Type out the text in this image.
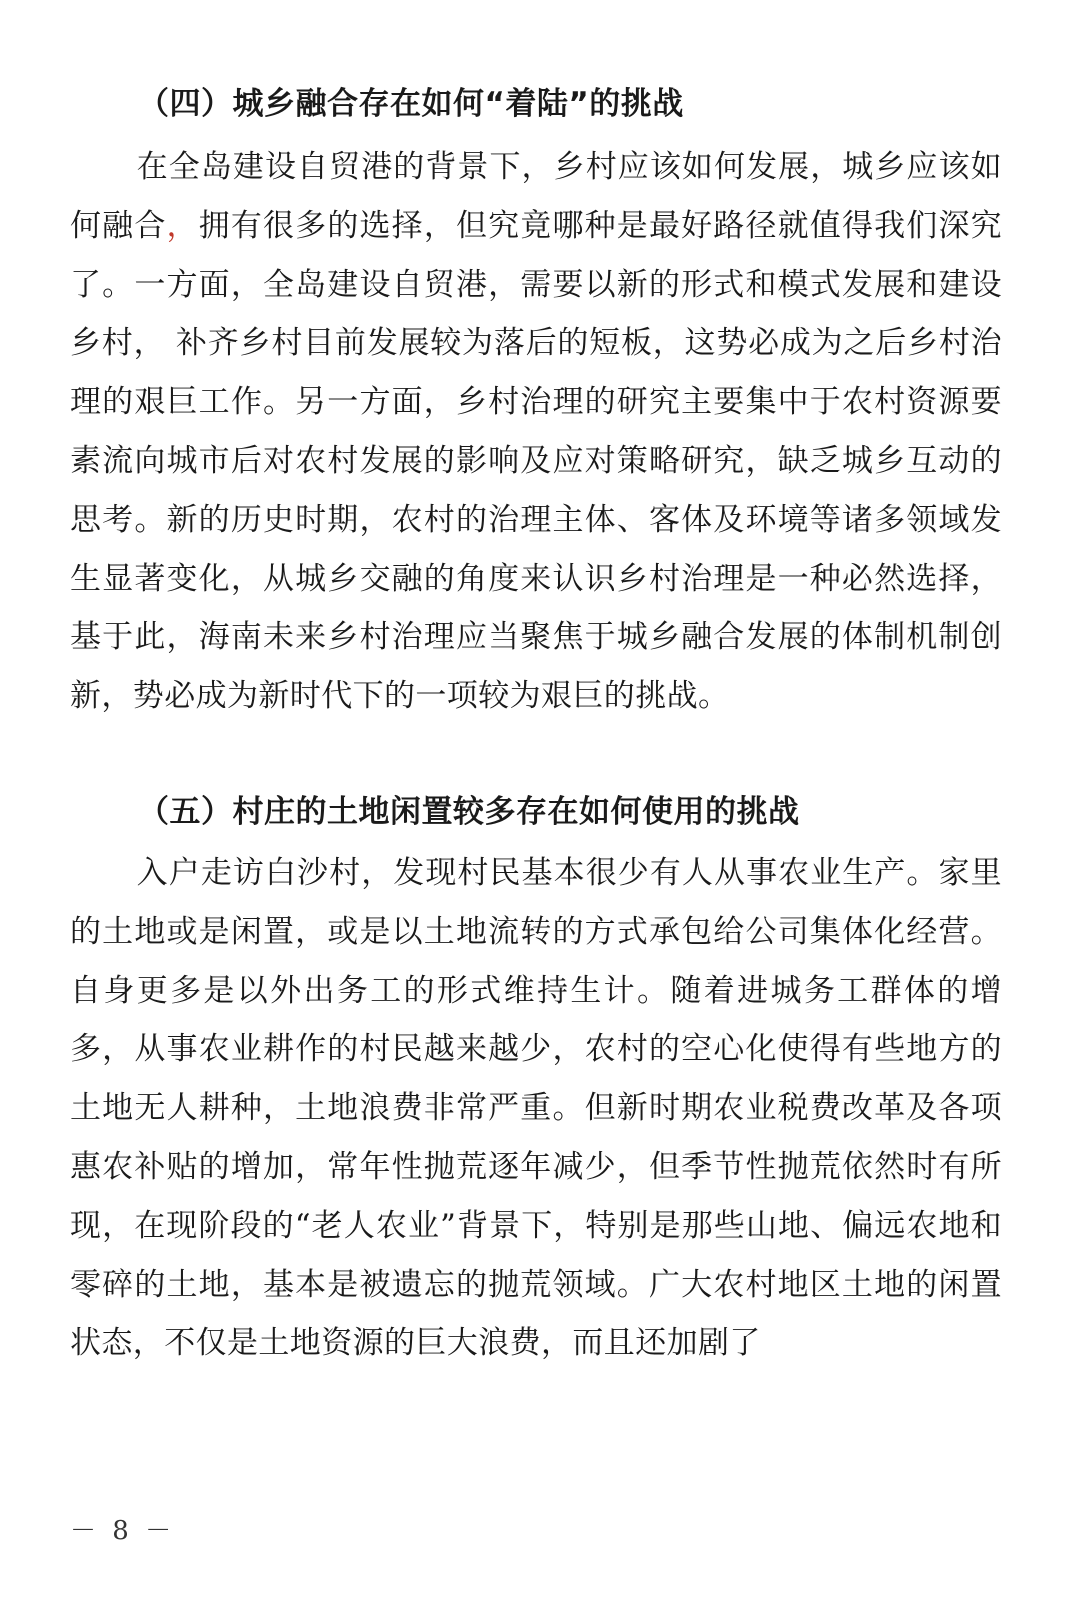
（四）城乡融合存在如何“着陆”的挑战
在全岛建设自贸港的背景下，乡村应该如何发展，城乡应该如何融合，拥有很多的选择，但究竟哪种是最好路径就值得我们深究了。一方面，全岛建设自贸港，需要以新的形式和模式发展和建设乡村， 补齐乡村目前发展较为落后的短板，这势必成为之后乡村治理的艰巨工作。另一方面，乡村治理的研究主要集中于农村资源要素流向城市后对农村发展的影响及应对策略研究，缺乏城乡互动的思考。新的历史时期，农村的治理主体、客体及环境等诸多领域发生显著变化，从城乡交融的角度来认识乡村治理是一种必然选择，基于此，海南未来乡村治理应当聚焦于城乡融合发展的体制机制创新，势必成为新时代下的一项较为艰巨的挑战。
（五）村庄的土地闲置较多存在如何使用的挑战
入户走访白沙村，发现村民基本很少有人从事农业生产。家里的土地或是闲置，或是以土地流转的方式承包给公司集体化经营。自身更多是以外出务工的形式维持生计。随着进城务工群体的增多，从事农业耕作的村民越来越少，农村的空心化使得有些地方的土地无人耕种，土地浪费非常严重。但新时期农业税费改革及各项惠农补贴的增加，常年性抛荒逐年减少，但季节性抛荒依然时有所现，在现阶段的“老人农业”背景下，特别是那些山地、偏远农地和零碎的土地，基本是被遗忘的抛荒领域。广大农村地区土地的闲置状态，不仅是土地资源的巨大浪费，而且还加剧了
－ 8 －
